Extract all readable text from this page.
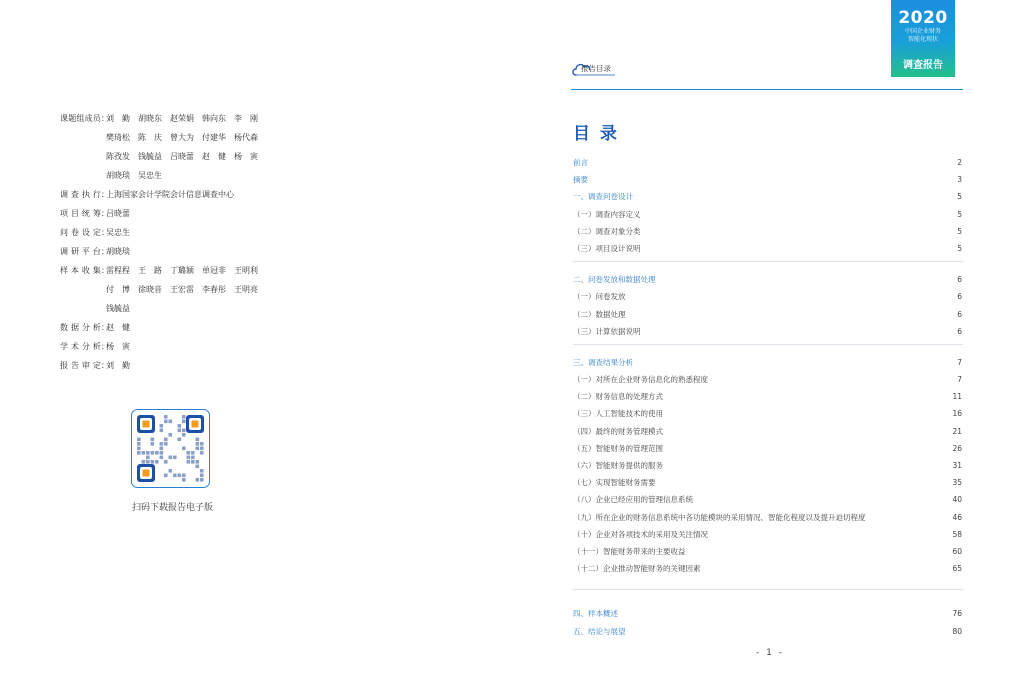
课题组成员：
刘　勤　胡晓东　赵荣娟　韩向东　李　刚
樊琦松　陈　庆　曾大为　付建华　杨代森
陈孜发　钱毓益　吕晓蕾　赵　健　杨　寅
胡晓琰　吴忠生
调 查 执 行：
上海国家会计学院会计信息调查中心
项 目 统 筹：
吕晓蕾
问 卷 设 定：
吴忠生
调 研 平 台：
胡晓琰
样 本 收 集：
雷程程　王　路　丁璐颖　单冠非　王明利
付　博　徐晓音　王宏雷　李春彤　王明亮
钱毓益
数 据 分 析：
赵　健
学 术 分 析：
杨　寅
报 告 审 定：
刘　勤
扫码下载报告电子版
报告目录
2020
中国企业财务
智能化现状
调查报告
目 录
前言	2
摘要	3
一、调查问卷设计	5
（一）调查内容定义	5
（二）调查对象分类	5
（三）项目设计说明	5
二、问卷发放和数据处理	6
（一）问卷发放	6
（二）数据处理	6
（三）计算依据说明	6
三、调查结果分析	7
（一）对所在企业财务信息化的熟悉程度	7
（二）财务信息的处理方式	11
（三）人工智能技术的使用	16
（四）最终的财务管理模式	21
（五）智能财务的管理范围	26
（六）智能财务提供的服务	31
（七）实现智能财务需要	35
（八）企业已经应用的管理信息系统	40
（九）所在企业的财务信息系统中各功能模块的采用情况、智能化程度以及提升迫切程度	46
（十）企业对各项技术的采用及关注情况	58
（十一）智能财务带来的主要收益	60
（十二）企业推动智能财务的关键因素	65
四、样本概述	76
五、结论与展望	80
- 1 -
